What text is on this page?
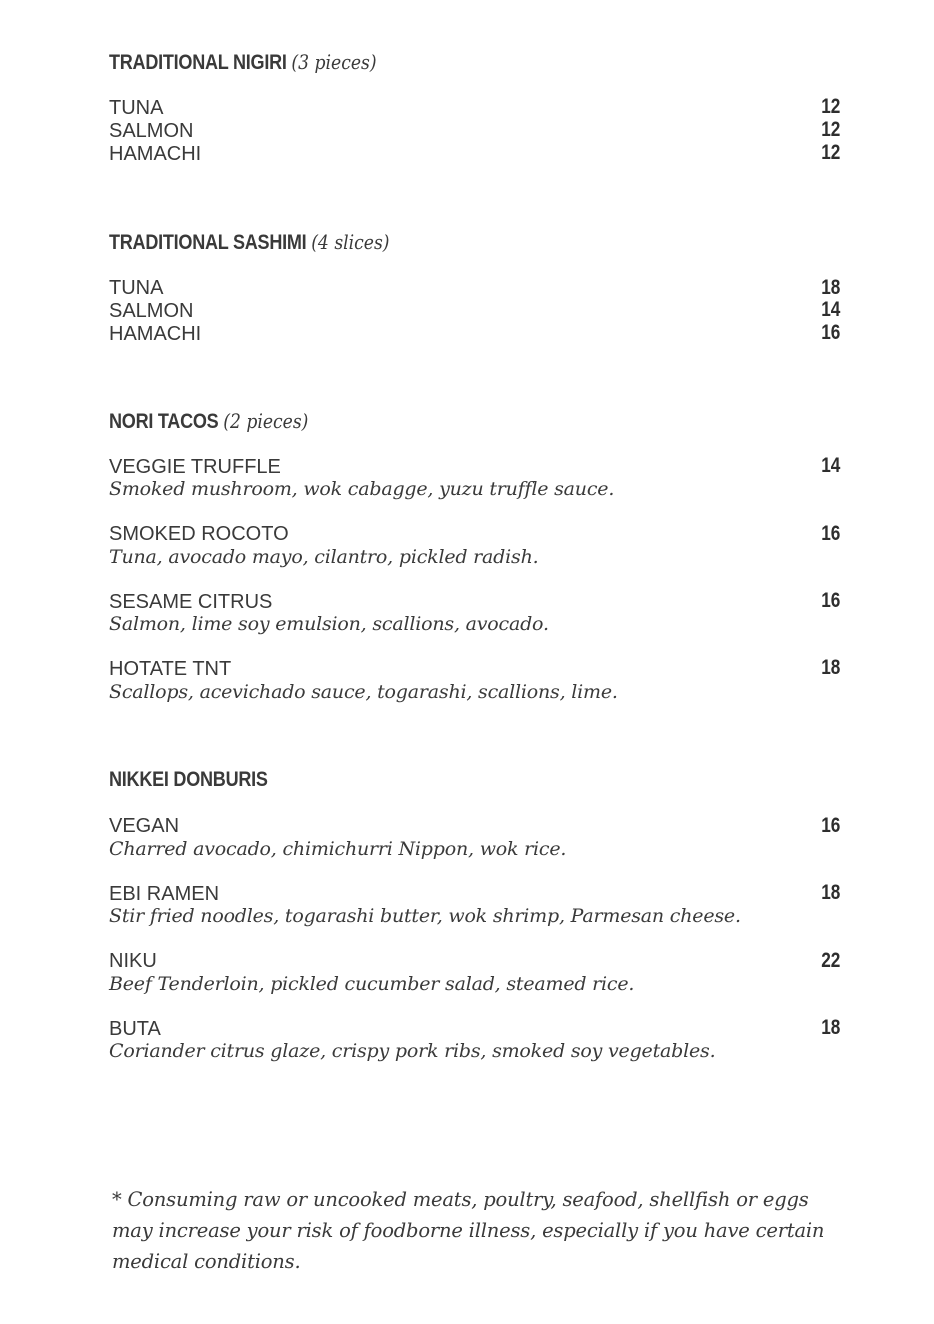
TRADITIONAL NIGIRI (3 pieces)
TUNA	12
SALMON	12
HAMACHI	12
TRADITIONAL SASHIMI (4 slices)
TUNA	18
SALMON	14
HAMACHI	16
NORI TACOS (2 pieces)
VEGGIE TRUFFLE	14
Smoked mushroom, wok cabagge, yuzu truffle sauce.
SMOKED ROCOTO	16
Tuna, avocado mayo, cilantro, pickled radish.
SESAME CITRUS	16
Salmon, lime soy emulsion, scallions, avocado.
HOTATE TNT	18
Scallops, acevichado sauce, togarashi, scallions, lime.
NIKKEI DONBURIS
VEGAN	16
Charred avocado, chimichurri Nippon, wok rice.
EBI RAMEN	18
Stir fried noodles, togarashi butter, wok shrimp, Parmesan cheese.
NIKU	22
Beef Tenderloin, pickled cucumber salad, steamed rice.
BUTA	18
Coriander citrus glaze, crispy pork ribs, smoked soy vegetables.
* Consuming raw or uncooked meats, poultry, seafood, shellfish or eggs may increase your risk of foodborne illness, especially if you have certain medical conditions.
